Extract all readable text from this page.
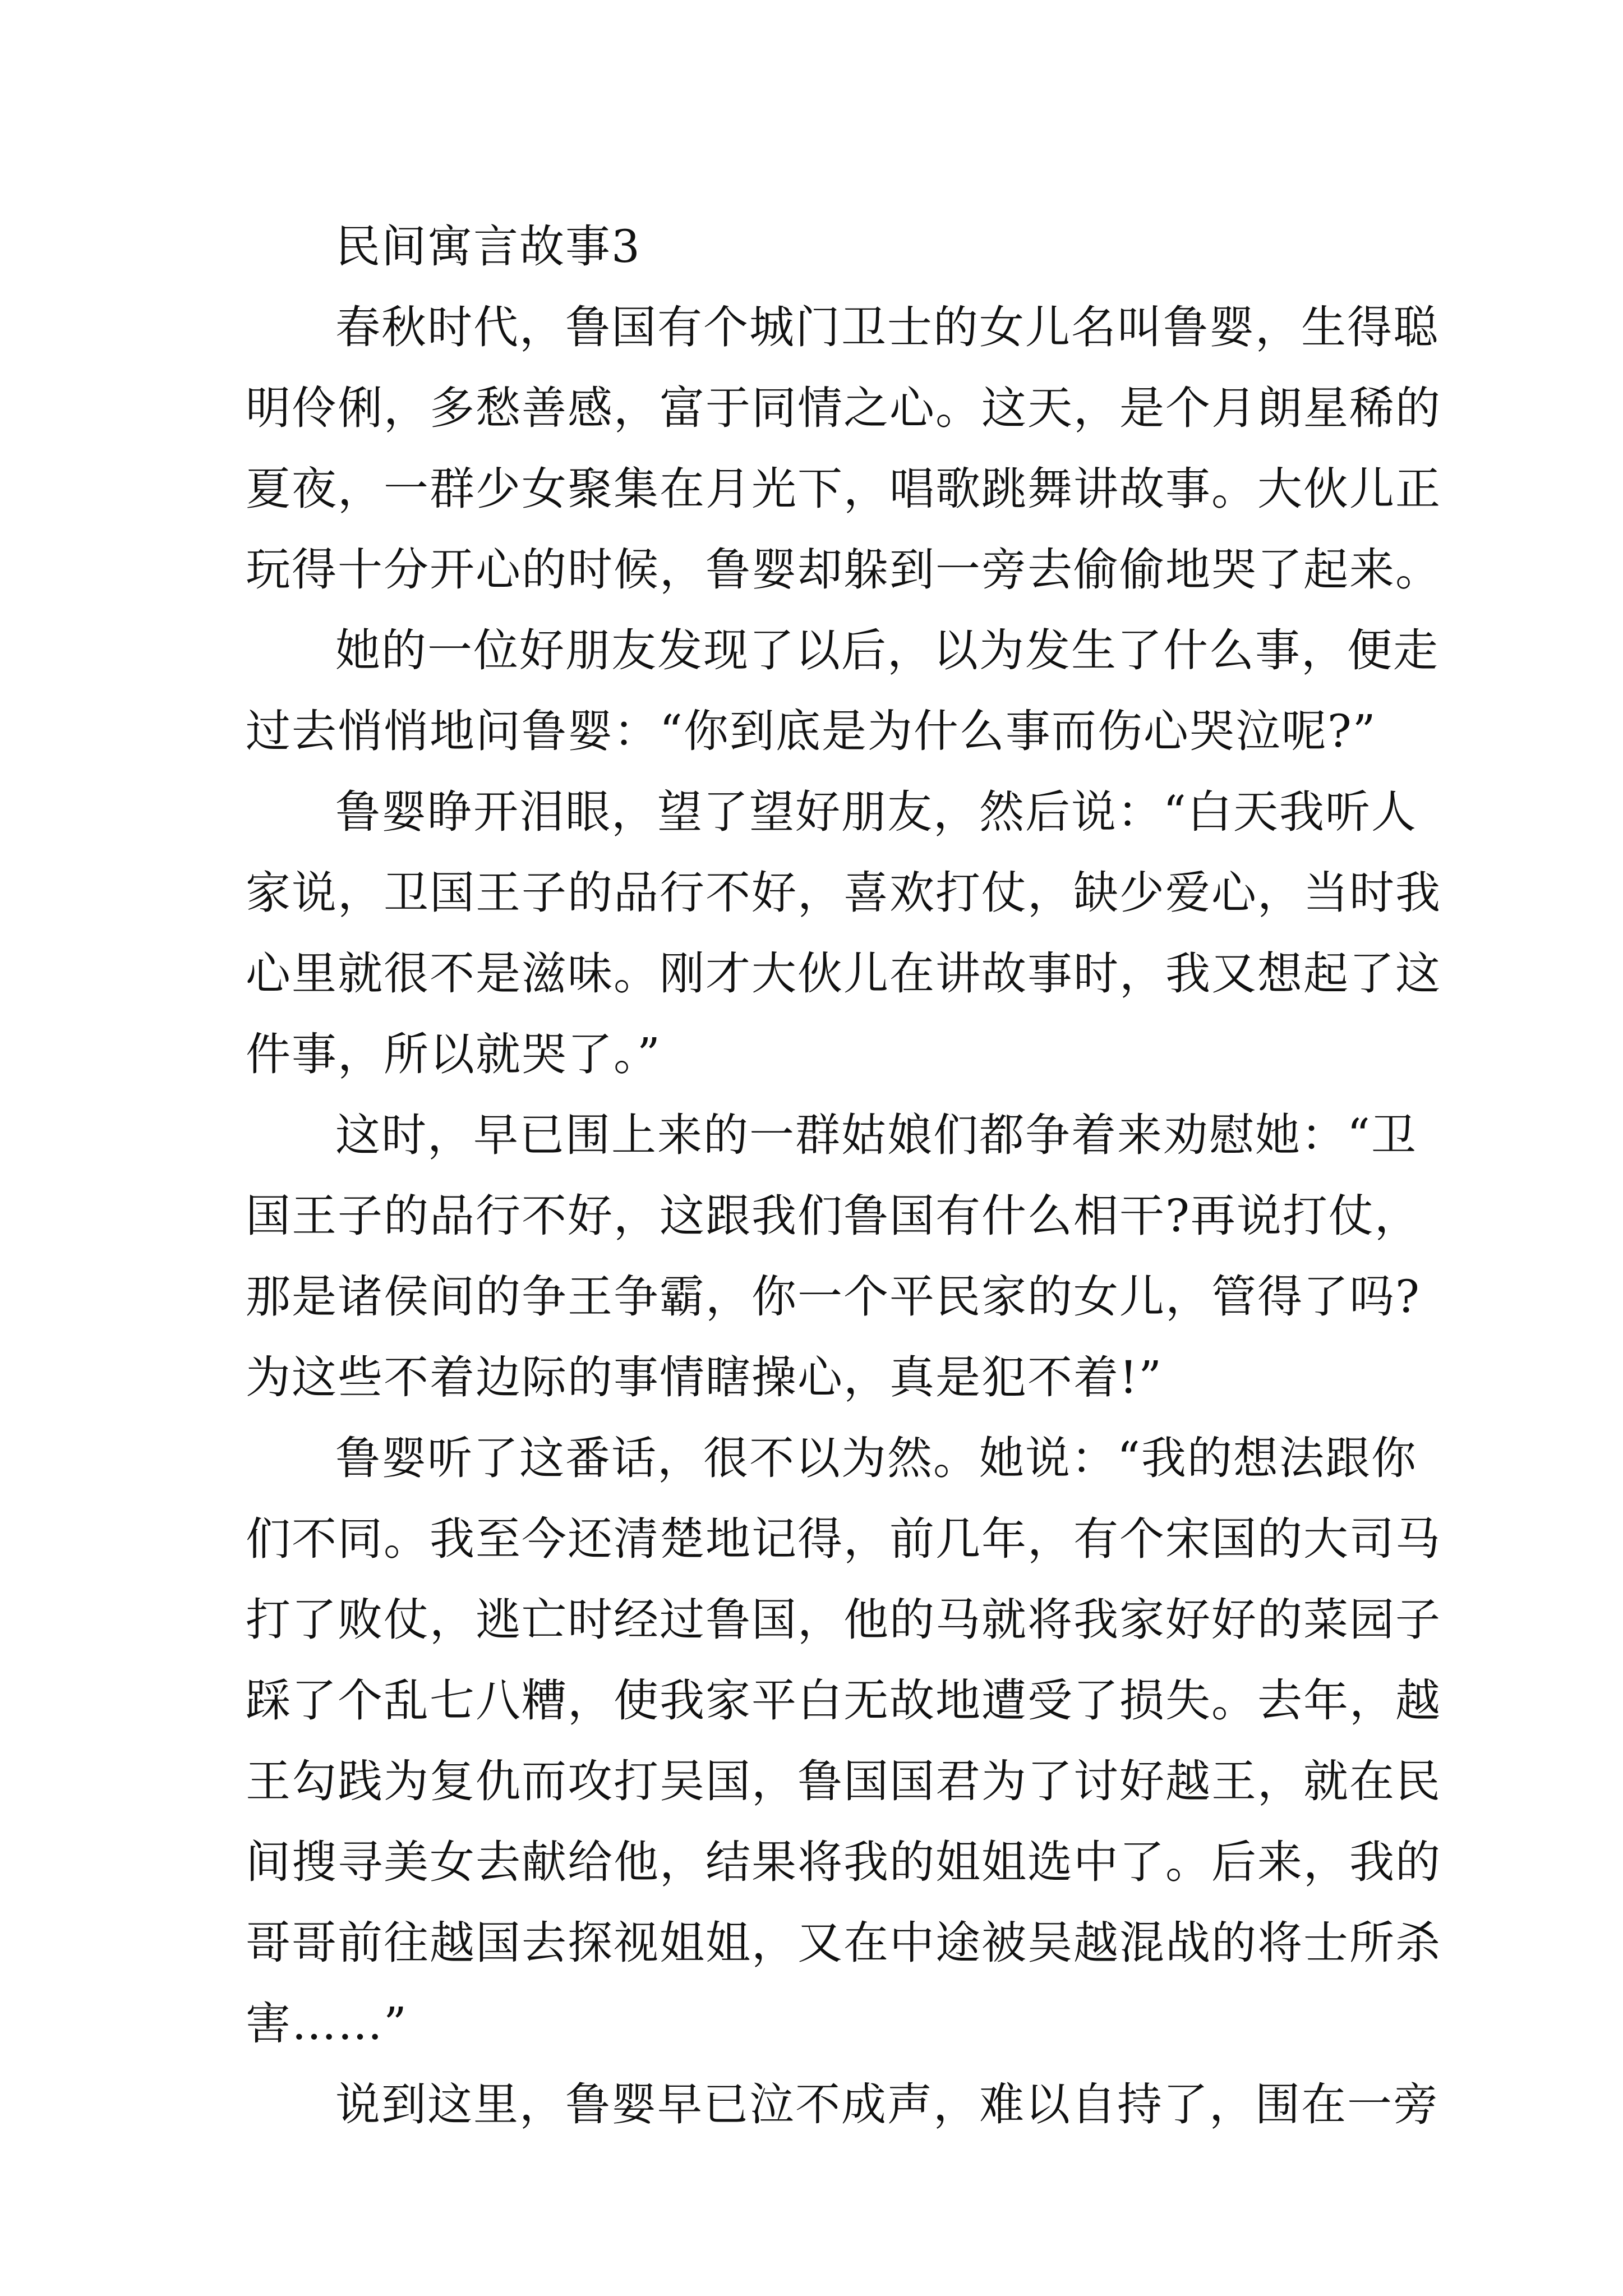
民间寓言故事3
春秋时代，鲁国有个城门卫士的女儿名叫鲁婴，生得聪
明伶俐，多愁善感，富于同情之心。这天，是个月朗星稀的
夏夜，一群少女聚集在月光下，唱歌跳舞讲故事。大伙儿正
玩得十分开心的时候，鲁婴却躲到一旁去偷偷地哭了起来。
她的一位好朋友发现了以后，以为发生了什么事，便走
过去悄悄地问鲁婴：“你到底是为什么事而伤心哭泣呢?”
鲁婴睁开泪眼，望了望好朋友，然后说：“白天我听人
家说，卫国王子的品行不好，喜欢打仗，缺少爱心，当时我
心里就很不是滋味。刚才大伙儿在讲故事时，我又想起了这
件事，所以就哭了。”
这时，早已围上来的一群姑娘们都争着来劝慰她：“卫
国王子的品行不好，这跟我们鲁国有什么相干?再说打仗，
那是诸侯间的争王争霸，你一个平民家的女儿，管得了吗?
为这些不着边际的事情瞎操心，真是犯不着!”
鲁婴听了这番话，很不以为然。她说：“我的想法跟你
们不同。我至今还清楚地记得，前几年，有个宋国的大司马
打了败仗，逃亡时经过鲁国，他的马就将我家好好的菜园子
踩了个乱七八糟，使我家平白无故地遭受了损失。去年，越
王勾践为复仇而攻打吴国，鲁国国君为了讨好越王，就在民
间搜寻美女去献给他，结果将我的姐姐选中了。后来，我的
哥哥前往越国去探视姐姐，又在中途被吴越混战的将士所杀
害……”
说到这里，鲁婴早已泣不成声，难以自持了，围在一旁
